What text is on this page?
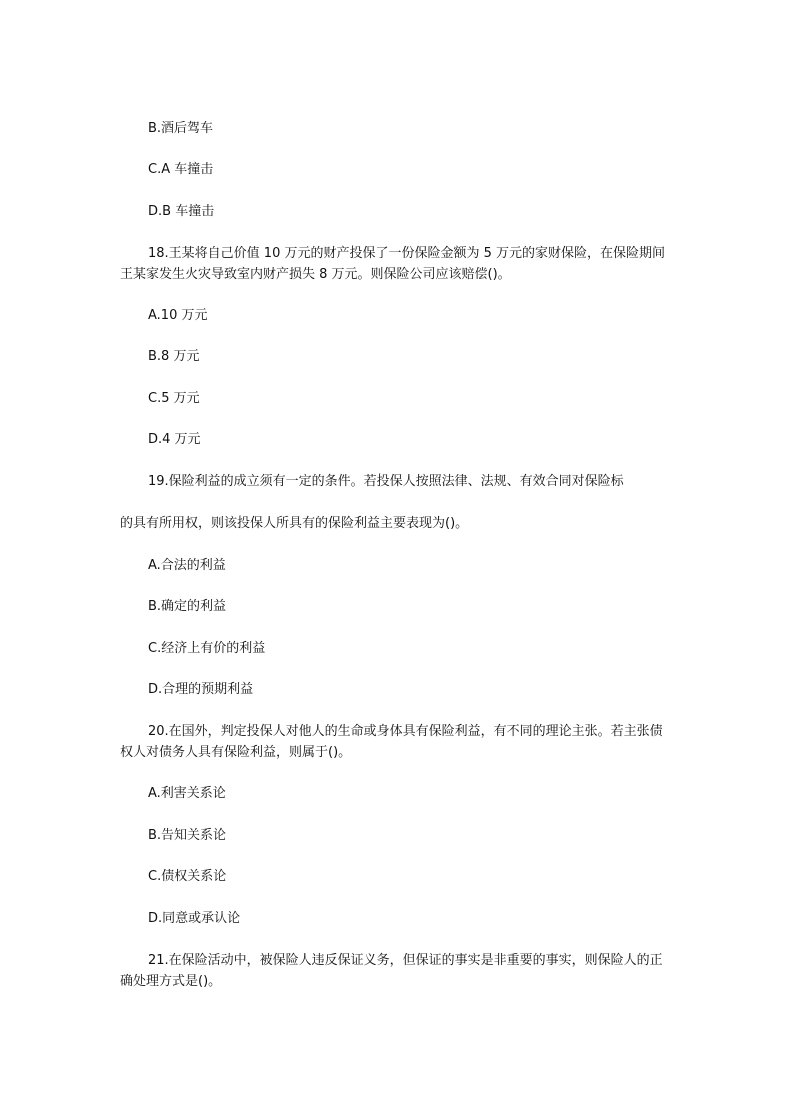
B.酒后驾车
C.A 车撞击
D.B 车撞击
18.王某将自己价值 10 万元的财产投保了一份保险金额为 5 万元的家财保险，在保险期间王某家发生火灾导致室内财产损失 8 万元。则保险公司应该赔偿()。
A.10 万元
B.8 万元
C.5 万元
D.4 万元
19.保险利益的成立须有一定的条件。若投保人按照法律、法规、有效合同对保险标
的具有所用权，则该投保人所具有的保险利益主要表现为()。
A.合法的利益
B.确定的利益
C.经济上有价的利益
D.合理的预期利益
20.在国外，判定投保人对他人的生命或身体具有保险利益，有不同的理论主张。若主张债权人对债务人具有保险利益，则属于()。
A.利害关系论
B.告知关系论
C.债权关系论
D.同意或承认论
21.在保险活动中，被保险人违反保证义务，但保证的事实是非重要的事实，则保险人的正确处理方式是()。
